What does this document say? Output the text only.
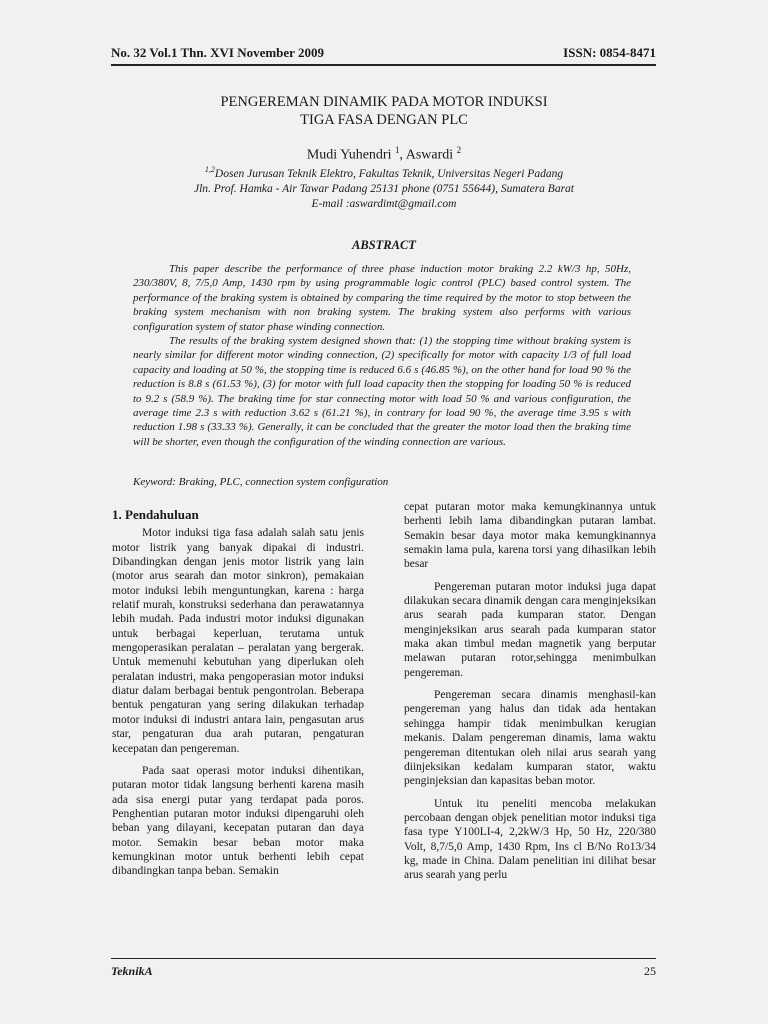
No. 32 Vol.1 Thn. XVI November 2009	ISSN: 0854-8471
PENGEREMAN DINAMIK PADA MOTOR INDUKSI
TIGA FASA DENGAN PLC
Mudi Yuhendri $^1$, Aswardi $^2$
$^{1,2}$Dosen Jurusan Teknik Elektro, Fakultas Teknik, Universitas Negeri Padang
Jln. Prof. Hamka - Air Tawar Padang 25131 phone (0751 55644), Sumatera Barat
E-mail :aswardimt@gmail.com
ABSTRACT

This paper describe the performance of three phase induction motor braking 2.2 kW/3 hp, 50Hz, 230/380V, 8, 7/5,0 Amp, 1430 rpm by using programmable logic control (PLC) based control system. The performance of the braking system is obtained by comparing the time required by the motor to stop between the braking system mechanism with non braking system. The braking system also performs with various configuration system of stator phase winding connection.

The results of the braking system designed shown that: (1) the stopping time without braking system is nearly similar for different motor winding connection, (2) specifically for motor with capacity 1/3 of full load capacity and loading at 50 %, the stopping time is reduced 6.6 s (46.85 %), on the other hand for load 90 % the reduction is 8.8 s (61.53 %), (3) for motor with full load capacity then the stopping for loading 50 % is reduced to 9.2 s (58.9 %). The braking time for star connecting motor with load 50 % and various configuration, the average time 2.3 s with reduction 3.62 s (61.21 %), in contrary for load 90 %, the average time 3.95 s with reduction 1.98 s (33.33 %). Generally, it can be concluded that the greater the motor load then the braking time will be shorter, even though the configuration of the winding connection are various.

Keyword: Braking, PLC, connection system configuration
1. Pendahuluan

Motor induksi tiga fasa adalah salah satu jenis motor listrik yang banyak dipakai di industri. Dibandingkan dengan jenis motor listrik yang lain (motor arus searah dan motor sinkron), pemakaian motor induksi lebih menguntungkan, karena : harga relatif murah, konstruksi sederhana dan perawatannya lebih mudah. Pada industri motor induksi digunakan untuk berbagai keperluan, terutama untuk mengoperasikan peralatan – peralatan yang bergerak. Untuk memenuhi kebutuhan yang diperlukan oleh peralatan industri, maka pengoperasian motor induksi diatur dalam berbagai bentuk pengontrolan. Beberapa bentuk pengaturan yang sering dilakukan terhadap motor induksi di industri antara lain, pengasutan arus star, pengaturan dua arah putaran, pengaturan kecepatan dan pengereman.

Pada saat operasi motor induksi dihentikan, putaran motor tidak langsung berhenti karena masih ada sisa energi putar yang terdapat pada poros. Penghentian putaran motor induksi dipengaruhi oleh beban yang dilayani, kecepatan putaran dan daya motor. Semakin besar beban motor maka kemungkinan motor untuk berhenti lebih cepat dibandingkan tanpa beban. Semakin

cepat putaran motor maka kemungkinannya untuk berhenti lebih lama dibandingkan putaran lambat. Semakin besar daya motor maka kemungkinannya semakin lama pula, karena torsi yang dihasilkan lebih besar

Pengereman putaran motor induksi juga dapat dilakukan secara dinamik dengan cara menginjeksikan arus searah pada kumparan stator. Dengan menginjeksikan arus searah pada kumparan stator maka akan timbul medan magnetik yang berputar melawan putaran rotor,sehingga menimbulkan pengereman.

Pengereman secara dinamis menghasil-kan pengereman yang halus dan tidak ada hentakan sehingga hampir tidak menimbulkan kerugian mekanis. Dalam pengereman dinamis, lama waktu pengereman ditentukan oleh nilai arus searah yang diinjeksikan kedalam kumparan stator, waktu penginjeksian dan kapasitas beban motor.

Untuk itu peneliti mencoba melakukan percobaan dengan objek penelitian motor induksi tiga fasa type Y100LI-4, 2,2kW/3 Hp, 50 Hz, 220/380 Volt, 8,7/5,0 Amp, 1430 Rpm, Ins cl B/No Ro13/34 kg, made in China. Dalam penelitian ini dilihat besar arus searah yang perlu

TeknikA	25
